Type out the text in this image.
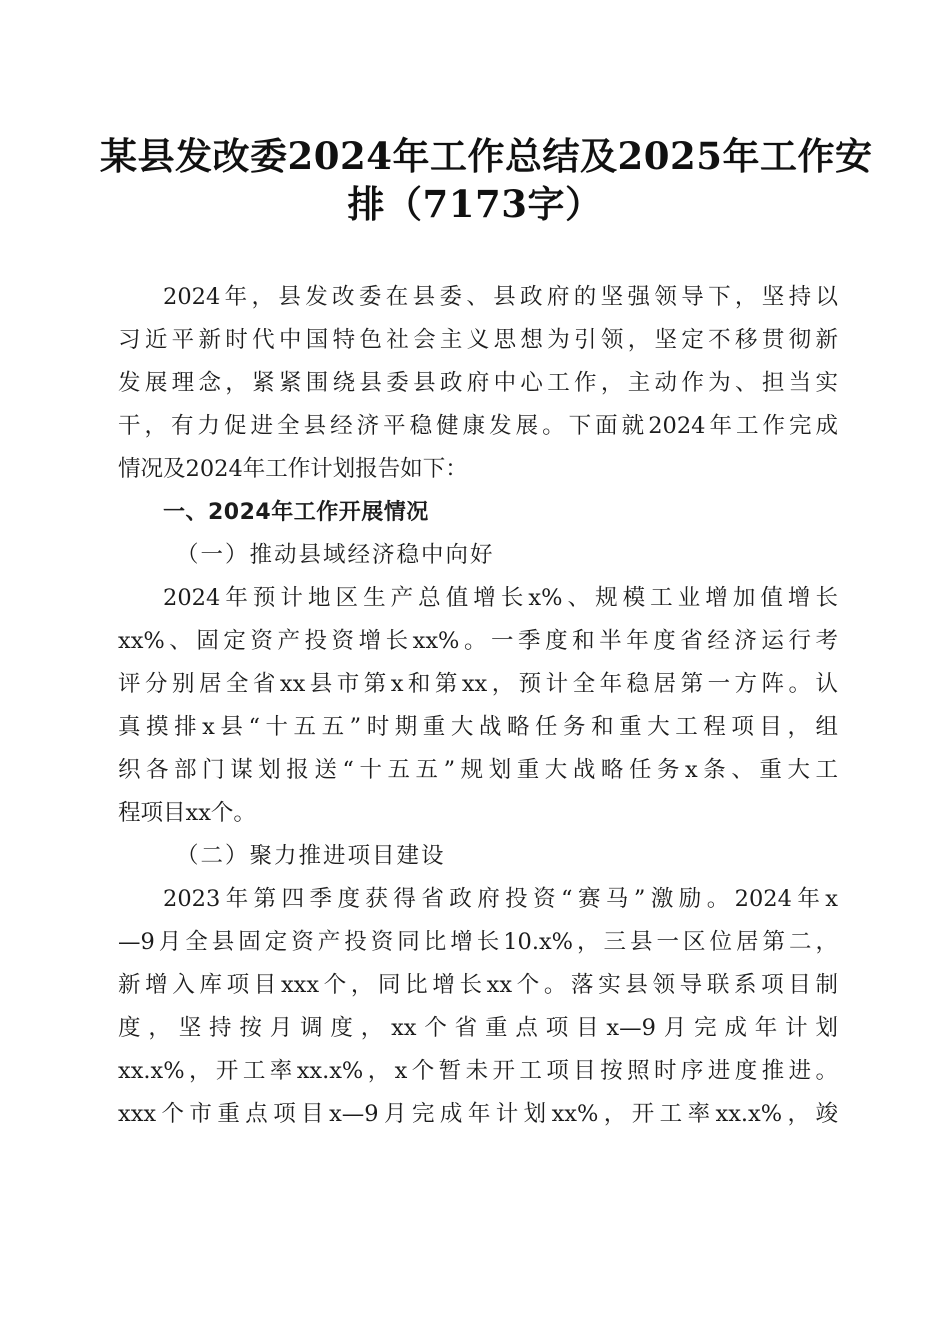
某县发改委2024年工作总结及2025年工作安
排（7173字）
2024年，县发改委在县委、县政府的坚强领导下，坚持以
习近平新时代中国特色社会主义思想为引领，坚定不移贯彻新
发展理念，紧紧围绕县委县政府中心工作，主动作为、担当实
干，有力促进全县经济平稳健康发展。下面就2024年工作完成
情况及2024年工作计划报告如下：
一、2024年工作开展情况
（一）推动县域经济稳中向好
2024年预计地区生产总值增长x%、规模工业增加值增长
xx%、固定资产投资增长xx%。一季度和半年度省经济运行考
评分别居全省xx县市第x和第xx，预计全年稳居第一方阵。认
真摸排x县“十五五”时期重大战略任务和重大工程项目，组
织各部门谋划报送“十五五”规划重大战略任务x条、重大工
程项目xx个。
（二）聚力推进项目建设
2023年第四季度获得省政府投资“赛马”激励。2024年x
—9月全县固定资产投资同比增长10.x%，三县一区位居第二，
新增入库项目xxx个，同比增长xx个。落实县领导联系项目制
度，坚持按月调度，xx个省重点项目x—9月完成年计划
xx.x%，开工率xx.x%，x个暂未开工项目按照时序进度推进。
xxx个市重点项目x—9月完成年计划xx%，开工率xx.x%，竣
